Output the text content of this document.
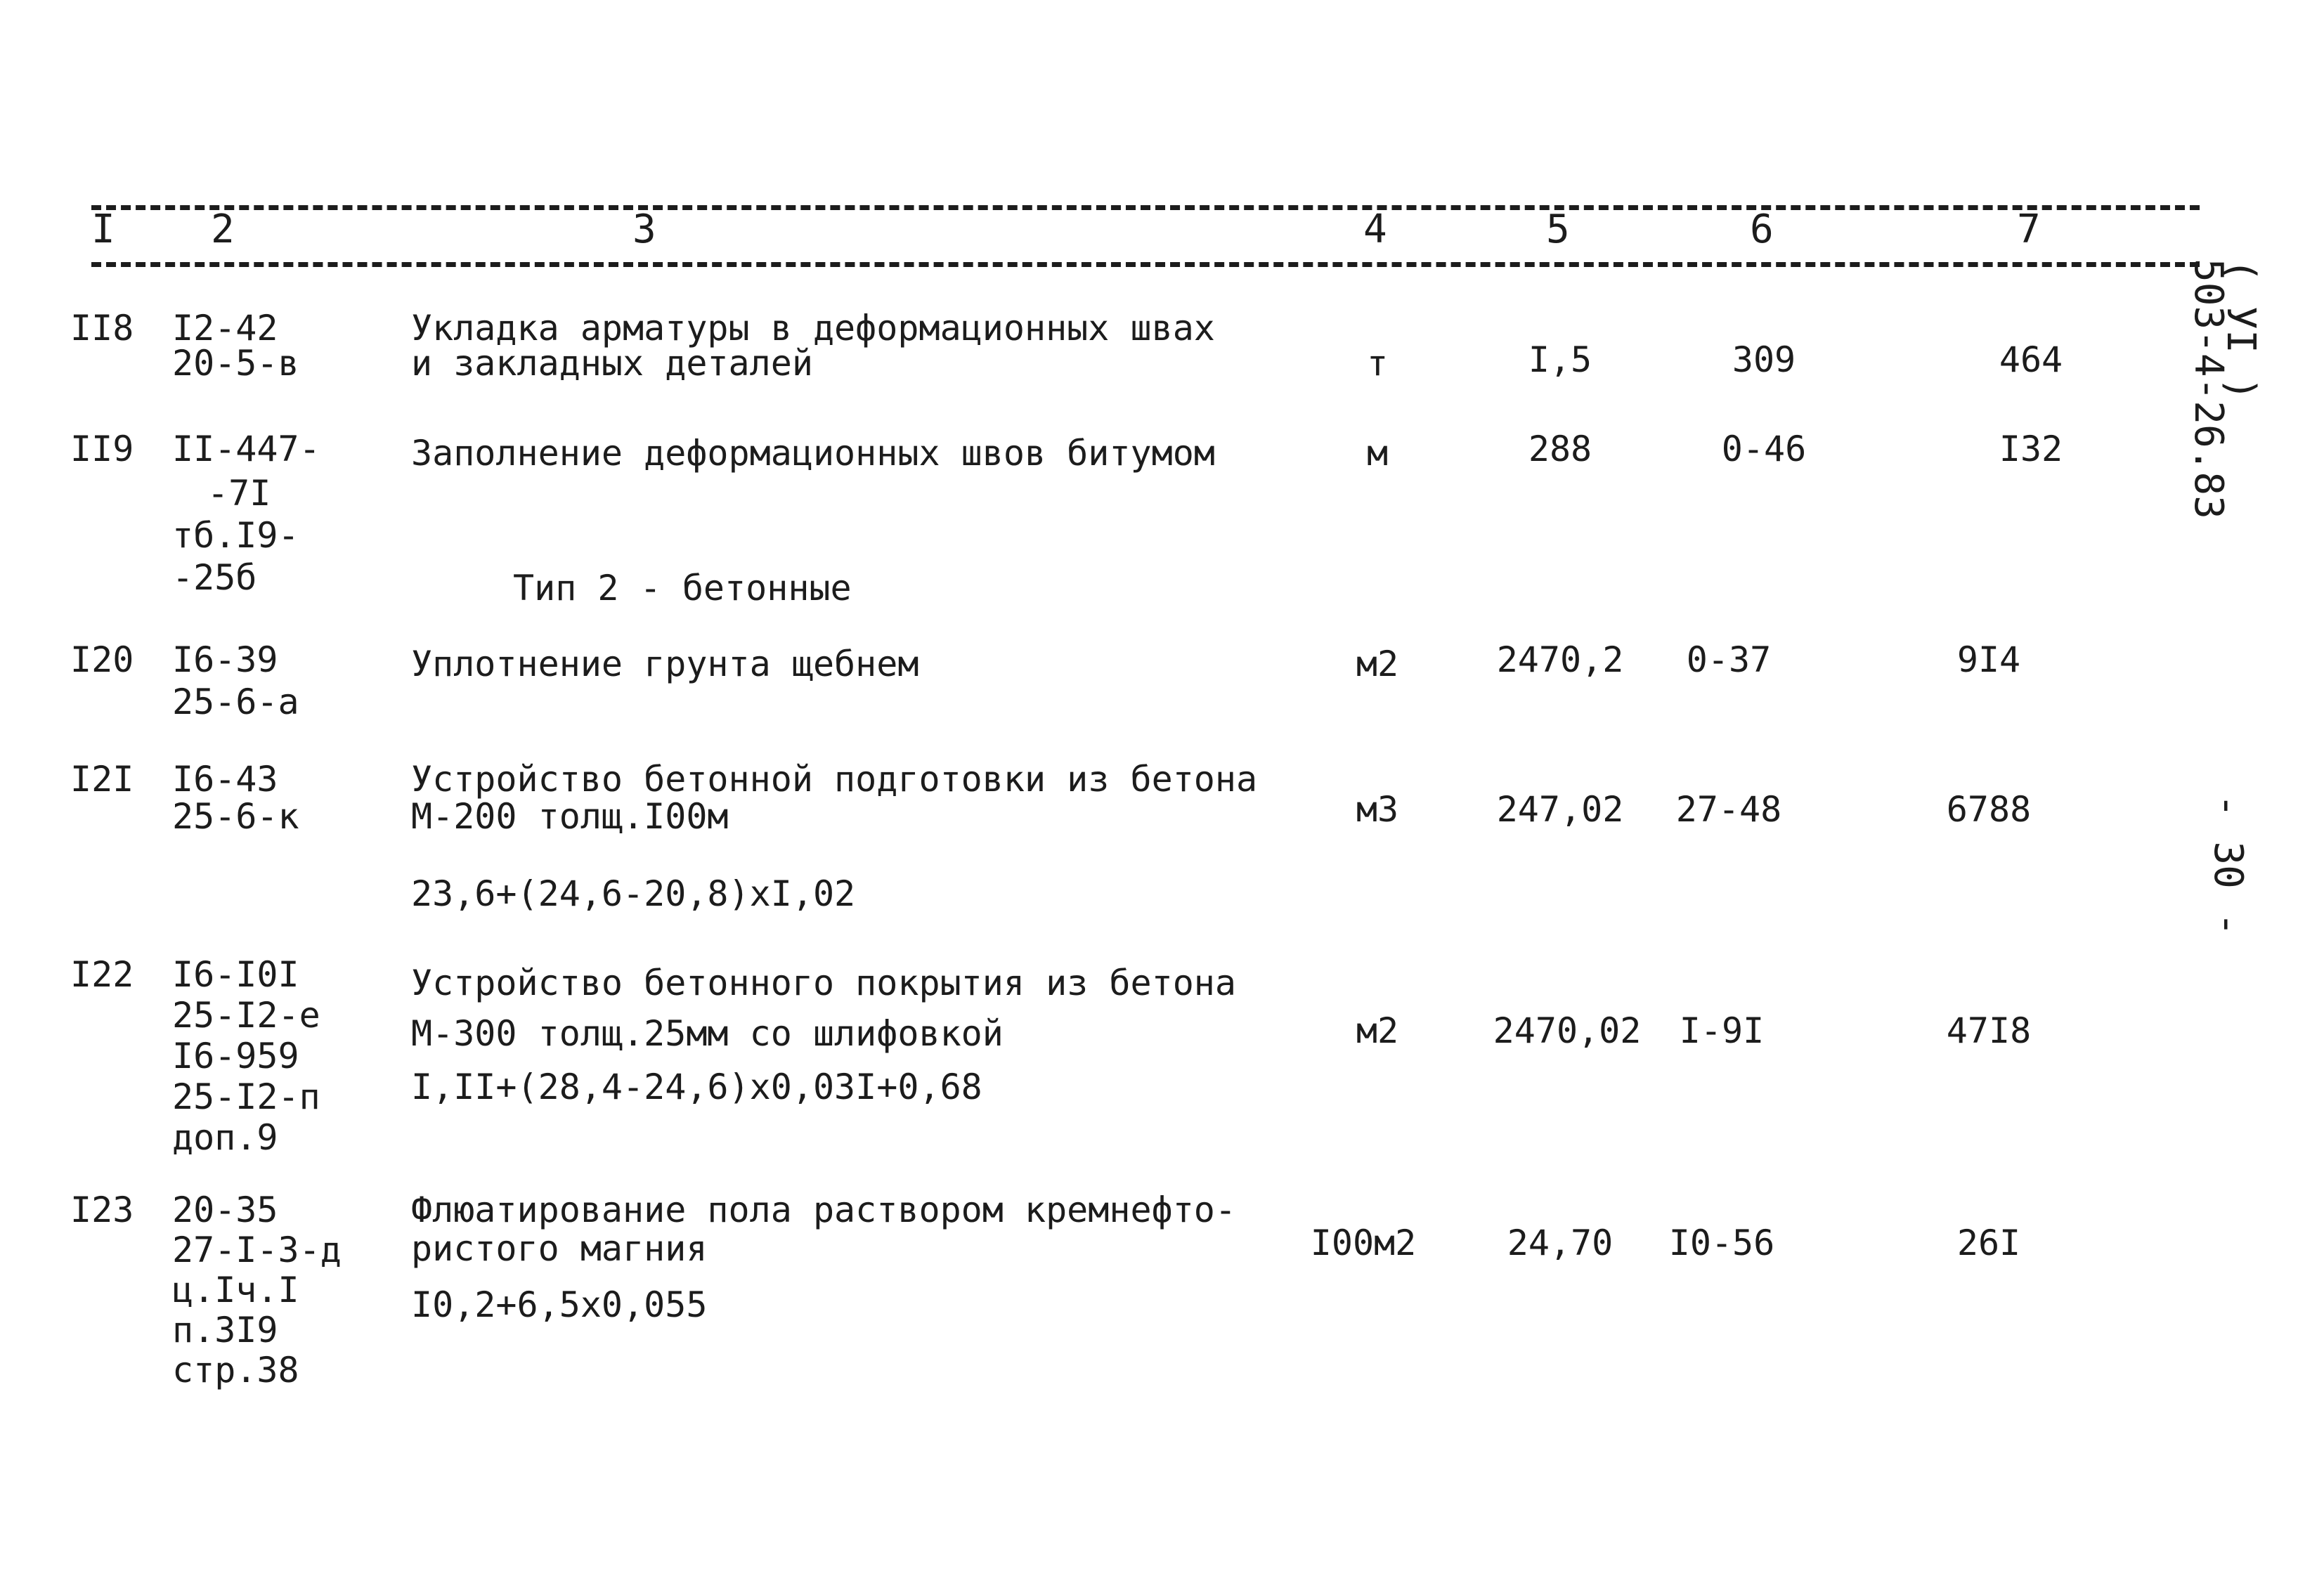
I 2	3	4	5	6	7
II8 I2-42
20-5-в
Укладка арматуры в деформационных швах
и закладных деталей	т	I,5	309	464
II9 II-447-
-7I
тб.I9-
-25б
Заполнение деформационных швов битумом	м	288	0-46	I32
Тип 2 - бетонные
I20 I6-39
25-6-а
Уплотнение грунта щебнем	м2	2470,2	0-37	9I4
I2I I6-43
25-6-к
Устройство бетонной подготовки из бетона
М-200 толщ.I00м
23,6+(24,6-20,8)хI,02
м3	247,02	27-48	6788
I22 I6-I0I
25-I2-е
I6-959
25-I2-п
доп.9
Устройство бетонного покрытия из бетона
М-300 толщ.25мм со шлифовкой
I,II+(28,4-24,6)х0,03I+0,68
м2	2470,02	I-9I	47I8
I23 20-35
27-I-3-д
ц.Iч.I
п.3I9
стр.38
Флюатирование пола раствором кремнефто-
ристого магния
I0,2+6,5х0,055
I00м2	24,70	I0-56	26I
( УI )
503-4-26.83
- 30 -
